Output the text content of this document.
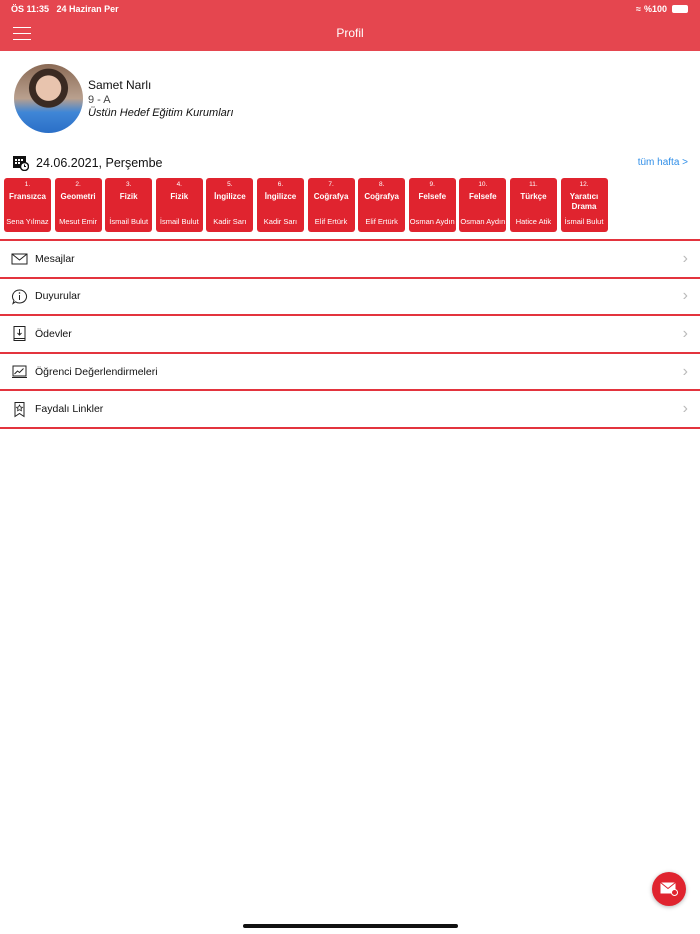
ÖS 11:35 24 Haziran Per	≈ %100
Profil
Samet Narlı
9 - A
Üstün Hedef Eğitim Kurumları
24.06.2021, Perşembe	tüm hafta >
1.
Fransızca
Sena Yılmaz
2.
Geometri
Mesut Emir
3.
Fizik
İsmail Bulut
4.
Fizik
İsmail Bulut
5.
İngilizce
Kadir Sarı
6.
İngilizce
Kadir Sarı
7.
Coğrafya
Elif Ertürk
8.
Coğrafya
Elif Ertürk
9.
Felsefe
Osman Aydın
10.
Felsefe
Osman Aydın
11.
Türkçe
Hatice Atik
12.
Yaratıcı Drama
İsmail Bulut
Mesajlar	›
Duyurular	›
Ödevler	›
Öğrenci Değerlendirmeleri	›
Faydalı Linkler	›
